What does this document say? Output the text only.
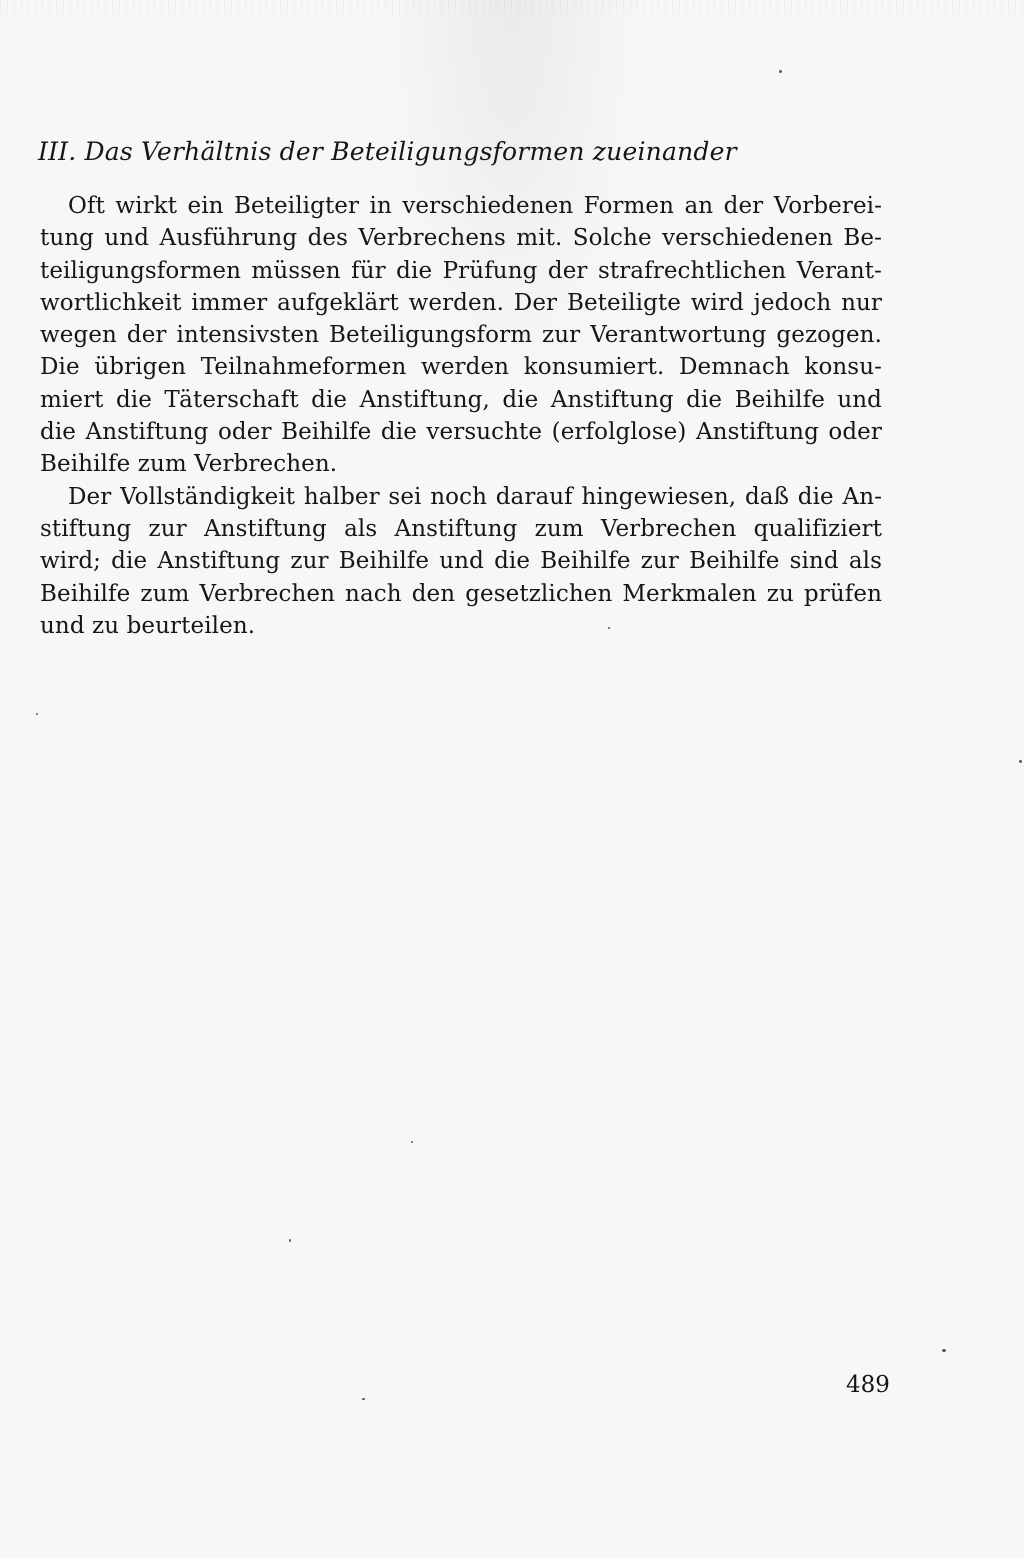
III. Das Verhältnis der Beteiligungsformen zueinander

Oft wirkt ein Beteiligter in verschiedenen Formen an der Vorberei-
tung und Ausführung des Verbrechens mit. Solche verschiedenen Be-
teiligungsformen müssen für die Prüfung der strafrechtlichen Verant-
wortlichkeit immer aufgeklärt werden. Der Beteiligte wird jedoch nur
wegen der intensivsten Beteiligungsform zur Verantwortung gezogen.
Die übrigen Teilnahmeformen werden konsumiert. Demnach konsu-
miert die Täterschaft die Anstiftung, die Anstiftung die Beihilfe und
die Anstiftung oder Beihilfe die versuchte (erfolglose) Anstiftung oder
Beihilfe zum Verbrechen.

Der Vollständigkeit halber sei noch darauf hingewiesen, daß die An-
stiftung zur Anstiftung als Anstiftung zum Verbrechen qualifiziert
wird; die Anstiftung zur Beihilfe und die Beihilfe zur Beihilfe sind als
Beihilfe zum Verbrechen nach den gesetzlichen Merkmalen zu prüfen
und zu beurteilen.

489
